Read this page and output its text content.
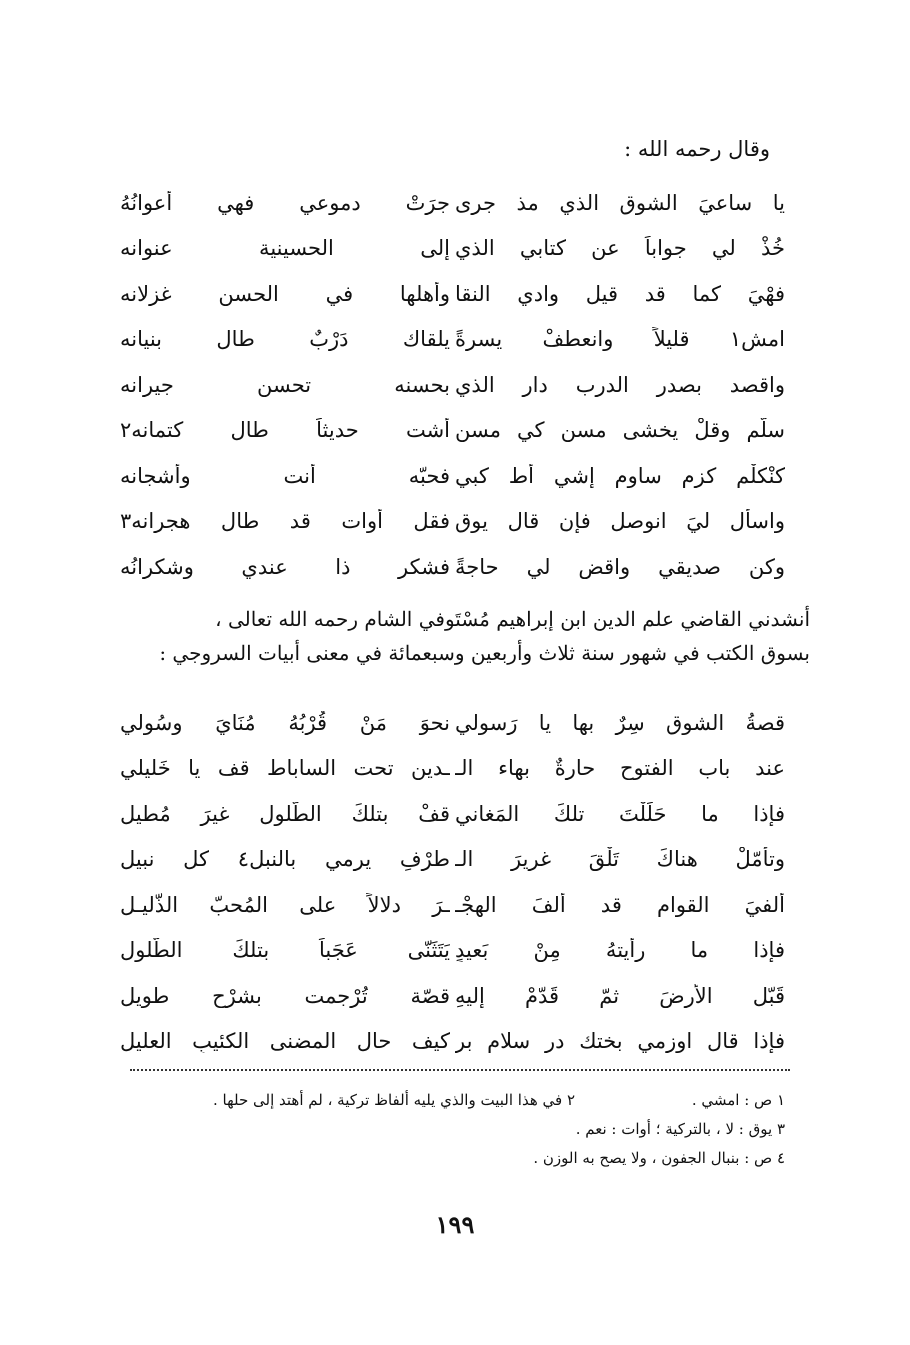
وقال رحمه الله :
يا ساعيَ الشوق الذي مذ جرى
جرَتْ دموعي فهي أعوانُهُ
خُذْ لي جواباً عن كتابي الذي
إلى الحسينية عنوانه
فهْيَ كما قد قيل وادي النقا
وأهلها في الحسن غزلانه
امش١ قليلاً وانعطفْ يسرةً
يلقاك دَرْبٌ طال بنيانه
واقصد بصدرِ الدرب دار الذي
بحسنه تحسن جيرانه
سلّم وقلْ يخشى مسن كي مسن
أشت حديثاً طال كتمانه٢
كنْكلْم كزم ساوم إشي أط كبي
فحبّه أنت وأشجانه
واسأل ليَ انوصل فإن قال يوق
فقل أوات قد طال هجرانه٣
وكن صديقي واقضِ لي حاجةً
فشكر ذا عندي وشكرانُه

أنشدني القاضي علم الدين ابن إبراهيم مُسْتَوفي الشام رحمه الله تعالى ،

بسوق الكتب في شهور سنة ثلاث وأربعين وسبعمائة في معنى أبيات السروجي :

قصةُ الشوقِ سِرٌ بها يا رَسولي
نحوَ مَنْ قُرْبُهُ مُنَايَ وسُولي
عند باب الفتوحِ حارةٌ بهاء الـ
ـدين تحت الساباط قف يا خَليلي
فإذا ما حَلَلْتَ تلكَ المَغاني
قفْ بتلكَ الطّلول غيرَ مُطيل
وتأمّلْ هناكَ تَلْقَ غريرَ الـ
طرْفِ يرمي بالنبل٤ كل نبيل
ألفيَ القوامِ قد ألفَ الهجْـ
ـرَ دلالاً على المُحبّ الذّليـلِ
فإذا ما رأيتهُ مِنْ بَعيدٍ
يَتَثَنّى عَجَباً بتلكَ الطّلول
قَبّلِ الأرضَ ثمّ قَدّمْ إليهِ
قصّة تُرْجمت بشرْحٍ طويلِ
فإذا قال اوزمي بختك در سلام بر
كيف حال المضنى الكئيبِ العليلِ
١ ص : امشي .
٢ في هذا البيت والذي يليه ألفاظ تركية ، لم أهتد إلى حلها .
٣ يوق : لا ، بالتركية ؛ أوات : نعم .
٤ ص : بنبال الجفون ، ولا يصح به الوزن .
١٩٩
